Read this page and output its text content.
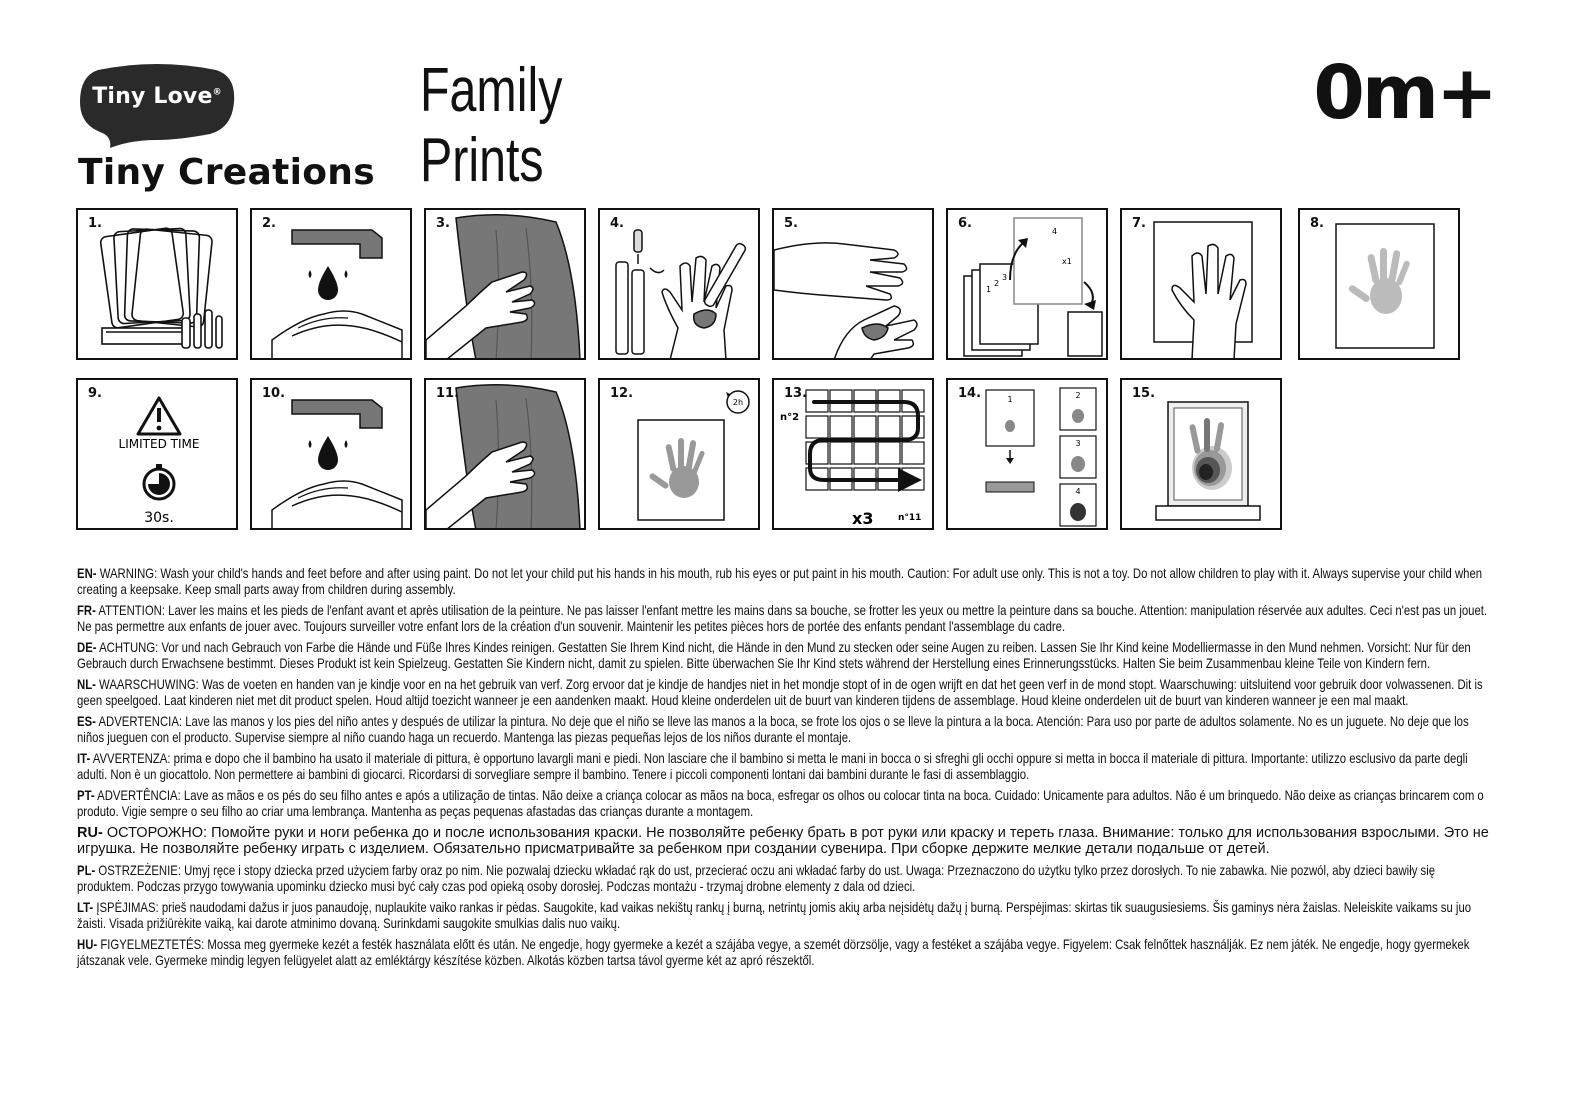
Tiny Love®
Tiny Creations
Family
Prints
0m+
1.	2.	3.	4.	5.
1
2
3
4
x1
6.	7.	8.
LIMITED TIME
30s.
9.	10.	11.
2h
12.
n°2
x3	n°11
13.	1	2
3
4
14.	15.

EN- WARNING: Wash your child's hands and feet before and after using paint. Do not let your child put his hands in his mouth, rub his eyes or put paint in his mouth. Caution: For adult use only. This is not a toy. Do not allow children to play with it. Always supervise your child when creating a keepsake. Keep small parts away from children during assembly.

FR- ATTENTION: Laver les mains et les pieds de l'enfant avant et après utilisation de la peinture. Ne pas laisser l'enfant mettre les mains dans sa bouche, se frotter les yeux ou mettre la peinture dans sa bouche. Attention: manipulation réservée aux adultes. Ceci n'est pas un jouet. Ne pas permettre aux enfants de jouer avec. Toujours surveiller votre enfant lors de la création d'un souvenir. Maintenir les petites pièces hors de portée des enfants pendant l'assemblage du cadre.

DE- ACHTUNG: Vor und nach Gebrauch von Farbe die Hände und Füße Ihres Kindes reinigen. Gestatten Sie Ihrem Kind nicht, die Hände in den Mund zu stecken oder seine Augen zu reiben. Lassen Sie Ihr Kind keine Modelliermasse in den Mund nehmen. Vorsicht: Nur für den Gebrauch durch Erwachsene bestimmt. Dieses Produkt ist kein Spielzeug. Gestatten Sie Kindern nicht, damit zu spielen. Bitte überwachen Sie Ihr Kind stets während der Herstellung eines Erinnerungsstücks. Halten Sie beim Zusammenbau kleine Teile von Kindern fern.

NL- WAARSCHUWING: Was de voeten en handen van je kindje voor en na het gebruik van verf. Zorg ervoor dat je kindje de handjes niet in het mondje stopt of in de ogen wrijft en dat het geen verf in de mond stopt. Waarschuwing: uitsluitend voor gebruik door volwassenen. Dit is geen speelgoed. Laat kinderen niet met dit product spelen. Houd altijd toezicht wanneer je een aandenken maakt. Houd kleine onderdelen uit de buurt van kinderen tijdens de assemblage. Houd kleine onderdelen uit de buurt van kinderen wanneer je een mal maakt.

ES- ADVERTENCIA: Lave las manos y los pies del niño antes y después de utilizar la pintura. No deje que el niño se lleve las manos a la boca, se frote los ojos o se lleve la pintura a la boca. Atención: Para uso por parte de adultos solamente. No es un juguete. No deje que los niños jueguen con el producto. Supervise siempre al niño cuando haga un recuerdo. Mantenga las piezas pequeñas lejos de los niños durante el montaje.

IT- AVVERTENZA: prima e dopo che il bambino ha usato il materiale di pittura, è opportuno lavargli mani e piedi. Non lasciare che il bambino si metta le mani in bocca o si sfreghi gli occhi oppure si metta in bocca il materiale di pittura. Importante: utilizzo esclusivo da parte degli adulti. Non è un giocattolo. Non permettere ai bambini di giocarci. Ricordarsi di sorvegliare sempre il bambino. Tenere i piccoli componenti lontani dai bambini durante le fasi di assemblaggio.

PT- ADVERTÊNCIA: Lave as mãos e os pés do seu filho antes e após a utilização de tintas. Não deixe a criança colocar as mãos na boca, esfregar os olhos ou colocar tinta na boca. Cuidado: Unicamente para adultos. Não é um brinquedo. Não deixe as crianças brincarem com o produto. Vigie sempre o seu filho ao criar uma lembrança. Mantenha as peças pequenas afastadas das crianças durante a montagem.

RU- ОСТОРОЖНО: Помойте руки и ноги ребенка до и после использования краски. Не позволяйте ребенку брать в рот руки или краску и тереть глаза. Внимание: только для использования взрослыми. Это не игрушка. Не позволяйте ребенку играть с изделием. Обязательно присматривайте за ребенком при создании сувенира. При сборке держите мелкие детали подальше от детей.

PL- OSTRZEŻENIE: Umyj ręce i stopy dziecka przed użyciem farby oraz po nim. Nie pozwalaj dziecku wkładać rąk do ust, przecierać oczu ani wkładać farby do ust. Uwaga: Przeznaczono do użytku tylko przez dorosłych. To nie zabawka. Nie pozwól, aby dzieci bawiły się produktem. Podczas przygo towywania upominku dziecko musi być cały czas pod opieką osoby dorosłej. Podczas montażu - trzymaj drobne elementy z dala od dzieci.

LT- ĮSPĖJIMAS: prieš naudodami dažus ir juos panaudoję, nuplaukite vaiko rankas ir pėdas. Saugokite, kad vaikas nekištų rankų į burną, netrintų jomis akių arba neįsidėtų dažų į burną. Perspėjimas: skirtas tik suaugusiesiems. Šis gaminys nėra žaislas. Neleiskite vaikams su juo žaisti. Visada prižiūrėkite vaiką, kai darote atminimo dovaną. Surinkdami saugokite smulkias dalis nuo vaikų.

HU- FIGYELMEZTETÉS: Mossa meg gyermeke kezét a festék használata előtt és után. Ne engedje, hogy gyermeke a kezét a szájába vegye, a szemét dörzsölje, vagy a festéket a szájába vegye. Figyelem: Csak felnőttek használják. Ez nem játék. Ne engedje, hogy gyermekek játszanak vele. Gyermeke mindig legyen felügyelet alatt az emléktárgy készítése közben. Alkotás közben tartsa távol gyerme két az apró részektől.
